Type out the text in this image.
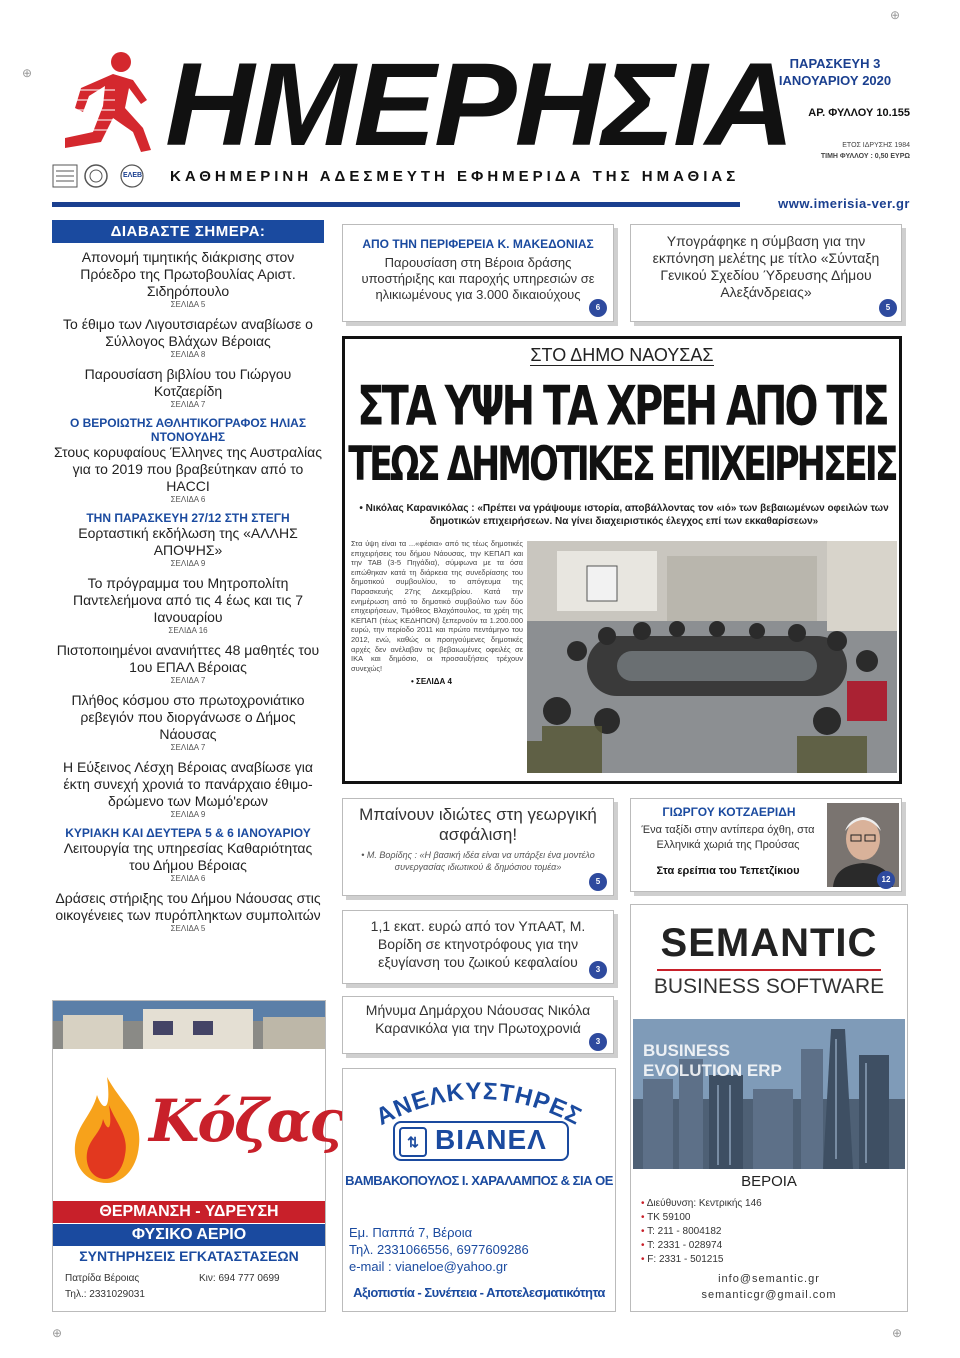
ΗΜΕΡΗΣΙΑ
ΕΛΕΒ ΚΑΘΗΜΕΡΙΝΗ ΑΔΕΣΜΕΥΤΗ ΕΦΗΜΕΡΙΔΑ ΤΗΣ ΗΜΑΘΙΑΣ
ΠΑΡΑΣΚΕΥΗ 3
ΙΑΝΟΥΑΡΙΟΥ 2020
ΑΡ. ΦΥΛΛΟΥ 10.155
ΕΤΟΣ ΙΔΡΥΣΗΣ 1984
ΤΙΜΗ ΦΥΛΛΟΥ : 0,50 ΕΥΡΩ
www.imerisia-ver.gr
ΔΙΑΒΑΣΤΕ ΣΗΜΕΡΑ:
Απονομή τιμητικής διάκρισης στον Πρόεδρο της Πρωτοβουλίας Αριστ. Σιδηρόπουλο
ΣΕΛΙΔΑ 5
Το έθιμο των Λιγουτσιαρέων αναβίωσε ο Σύλλογος Βλάχων Βέροιας
ΣΕΛΙΔΑ 8
Παρουσίαση βιβλίου του Γιώργου Κοτζαερίδη
ΣΕΛΙΔΑ 7
Ο ΒΕΡΟΙΩΤΗΣ ΑΘΛΗΤΙΚΟΓΡΑΦΟΣ ΗΛΙΑΣ ΝΤΟΝΟΥΔΗΣ
Στους κορυφαίους Έλληνες της Αυστραλίας για το 2019 που βραβεύτηκαν από το HACCI
ΣΕΛΙΔΑ 6
ΤΗΝ ΠΑΡΑΣΚΕΥΗ 27/12 ΣΤΗ ΣΤΕΓΗ
Εορταστική εκδήλωση της «ΑΛΛΗΣ ΑΠΟΨΗΣ»
ΣΕΛΙΔΑ 9
Το πρόγραμμα του Μητροπολίτη Παντελεήμονα από τις 4 έως και τις 7 Ιανουαρίου
ΣΕΛΙΔΑ 16
Πιστοποιημένοι ανανιήττες 48 μαθητές του 1ου ΕΠΑΛ Βέροιας
ΣΕΛΙΔΑ 7
Πλήθος κόσμου στο πρωτοχρονιάτικο ρεβεγιόν που διοργάνωσε ο Δήμος Νάουσας
ΣΕΛΙΔΑ 7
Η Εύξεινος Λέσχη Βέροιας αναβίωσε για έκτη συνεχή χρονιά το πανάρχαιο έθιμο-δρώμενο των Μωμό'ερων
ΣΕΛΙΔΑ 9
ΚΥΡΙΑΚΗ ΚΑΙ ΔΕΥΤΕΡΑ 5 & 6 ΙΑΝΟΥΑΡΙΟΥ
Λειτουργία της υπηρεσίας Καθαριότητας του Δήμου Βέροιας
ΣΕΛΙΔΑ 6
Δράσεις στήριξης του Δήμου Νάουσας στις οικογένειες των πυρόπληκτων συμπολιτών
ΣΕΛΙΔΑ 5
ΑΠΟ ΤΗΝ ΠΕΡΙΦΕΡΕΙΑ Κ. ΜΑΚΕΔΟΝΙΑΣ
Παρουσίαση στη Βέροια δράσης υποστήριξης και παροχής υπηρεσιών σε ηλικιωμένους για 3.000 δικαιούχους
6
Υπογράφηκε η σύμβαση για την εκπόνηση μελέτης με τίτλο «Σύνταξη Γενικού Σχεδίου Ύδρευσης Δήμου Αλεξάνδρειας»
5
ΣΤΟ ΔΗΜΟ ΝΑΟΥΣΑΣ
ΣΤΑ ΥΨΗ ΤΑ ΧΡΕΗ ΑΠΟ ΤΙΣ
ΤΕΩΣ ΔΗΜΟΤΙΚΕΣ ΕΠΙΧΕΙΡΗΣΕΙΣ
• Νικόλας Καρανικόλας : «Πρέπει να γράψουμε ιστορία, αποβάλλοντας τον «ιό» των βεβαιωμένων οφειλών των δημοτικών επιχειρήσεων. Να γίνει διαχειριστικός έλεγχος επί των εκκαθαρίσεων»
Στα ύψη είναι τα ...«φέσια» από τις τέως δημοτικές επιχειρήσεις του δήμου Νάουσας, την ΚΕΠΑΠ και την ΤΑΒ (3-5 Πηγάδια), σύμφωνα με τα όσα ειπώθηκαν κατά τη διάρκεια της συνεδρίασης του δημοτικού συμβουλίου, το απόγευμα της Παρασκευής 27ης Δεκεμβρίου. Κατά την ενημέρωση από το δημοτικό συμβούλιο των δύο επιχειρήσεων, Τιμόθεος Βλαχόπουλος, τα χρέη της ΚΕΠΑΠ (τέως ΚΕΔΗΠΟΝ) ξεπερνούν τα 1.200.000 ευρώ, την περίοδο 2011 και πρώτο πεντάμηνο του 2012, ενώ, καθώς οι προηγούμενες δημοτικές αρχές δεν ανέλαβαν τις βεβαιωμένες οφειλές σε ΙΚΑ και δημόσιο, οι προσαυξήσεις τρέχουν συνεχώς!
• ΣΕΛΙΔΑ 4
Μπαίνουν ιδιώτες στη γεωργική ασφάλιση!
• Μ. Βορίδης : «Η βασική ιδέα είναι να υπάρξει ένα μοντέλο συνεργασίας ιδιωτικού & δημόσιου τομέα»
5
1,1 εκατ. ευρώ από τον ΥπΑΑΤ, Μ. Βορίδη σε κτηνοτρόφους για την εξυγίανση του ζωικού κεφαλαίου	3
Μήνυμα Δημάρχου Νάουσας Νικόλα Καρανικόλα για την Πρωτοχρονιά
3
ΓΙΩΡΓΟΥ ΚΟΤΖΑΕΡΙΔΗ
Ένα ταξίδι στην αντίπερα όχθη, στα Ελληνικά χωριά της Προύσας
Στα ερείπια του Τεπετζίκιου
12
Κόζας
ΘΕΡΜΑΝΣΗ - ΥΔΡΕΥΣΗ
ΦΥΣΙΚΟ ΑΕΡΙΟ
ΣΥΝΤΗΡΗΣΕΙΣ ΕΓΚΑΤΑΣΤΑΣΕΩΝ
Πατρίδα Βέροιας	Κιν: 694 777 0699
Τηλ.: 2331029031
ΑΝΕΛΚΥΣΤΗΡΕΣ
⇅ ΒΙΑΝΕΛ
ΒΑΜΒΑΚΟΠΟΥΛΟΣ Ι. ΧΑΡΑΛΑΜΠΟΣ & ΣΙΑ ΟΕ
Εμ. Παππά 7, Βέροια
Τηλ. 2331066556, 6977609286
e-mail : vianeloe@yahoo.gr
Αξιοπιστία - Συνέπεια - Αποτελεσματικότητα
SEMANTIC
BUSINESS SOFTWARE
BUSINESS
EVOLUTION ERP
ΒΕΡΟΙΑ
• Διεύθυνση: Κεντρικής 146
• ΤΚ 59100
• Τ: 211 - 8004182
• Τ: 2331 - 028974
• F: 2331 - 501215
info@semantic.gr
semanticgr@gmail.com
⊕
⊕
⊕	⊕
